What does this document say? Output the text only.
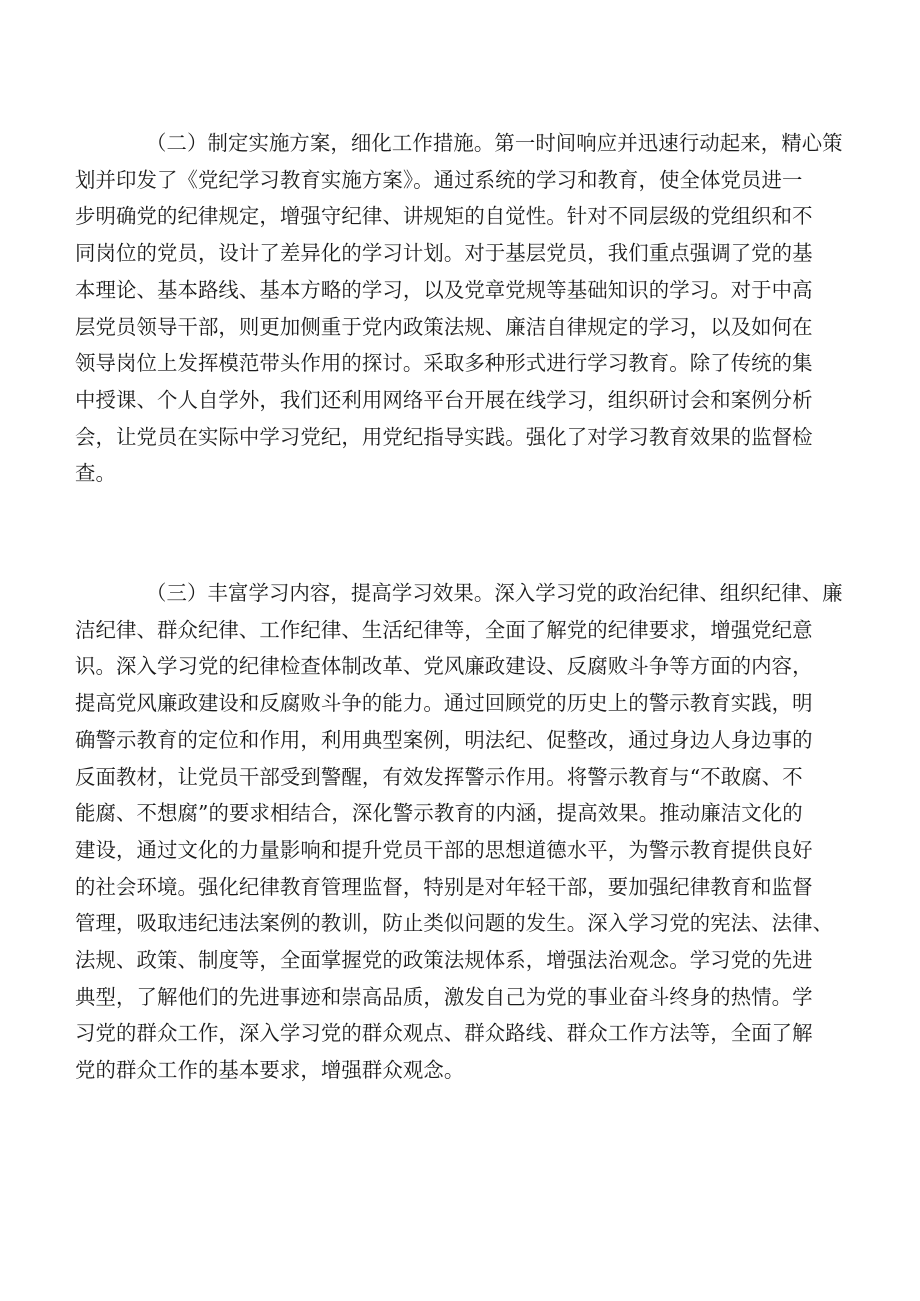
（二）制定实施方案，细化工作措施。第一时间响应并迅速行动起来，精心策
划并印发了《党纪学习教育实施方案》。通过系统的学习和教育，使全体党员进一
步明确党的纪律规定，增强守纪律、讲规矩的自觉性。针对不同层级的党组织和不
同岗位的党员，设计了差异化的学习计划。对于基层党员，我们重点强调了党的基
本理论、基本路线、基本方略的学习，以及党章党规等基础知识的学习。对于中高
层党员领导干部，则更加侧重于党内政策法规、廉洁自律规定的学习，以及如何在
领导岗位上发挥模范带头作用的探讨。采取多种形式进行学习教育。除了传统的集
中授课、个人自学外，我们还利用网络平台开展在线学习，组织研讨会和案例分析
会，让党员在实际中学习党纪，用党纪指导实践。强化了对学习教育效果的监督检
查。

（三）丰富学习内容，提高学习效果。深入学习党的政治纪律、组织纪律、廉
洁纪律、群众纪律、工作纪律、生活纪律等，全面了解党的纪律要求，增强党纪意
识。深入学习党的纪律检查体制改革、党风廉政建设、反腐败斗争等方面的内容，
提高党风廉政建设和反腐败斗争的能力。通过回顾党的历史上的警示教育实践，明
确警示教育的定位和作用，利用典型案例，明法纪、促整改，通过身边人身边事的
反面教材，让党员干部受到警醒，有效发挥警示作用。将警示教育与“不敢腐、不
能腐、不想腐”的要求相结合，深化警示教育的内涵，提高效果。推动廉洁文化的
建设，通过文化的力量影响和提升党员干部的思想道德水平，为警示教育提供良好
的社会环境。强化纪律教育管理监督，特别是对年轻干部，要加强纪律教育和监督
管理，吸取违纪违法案例的教训，防止类似问题的发生。深入学习党的宪法、法律、
法规、政策、制度等，全面掌握党的政策法规体系，增强法治观念。学习党的先进
典型，了解他们的先进事迹和崇高品质，激发自己为党的事业奋斗终身的热情。学
习党的群众工作，深入学习党的群众观点、群众路线、群众工作方法等，全面了解
党的群众工作的基本要求，增强群众观念。
